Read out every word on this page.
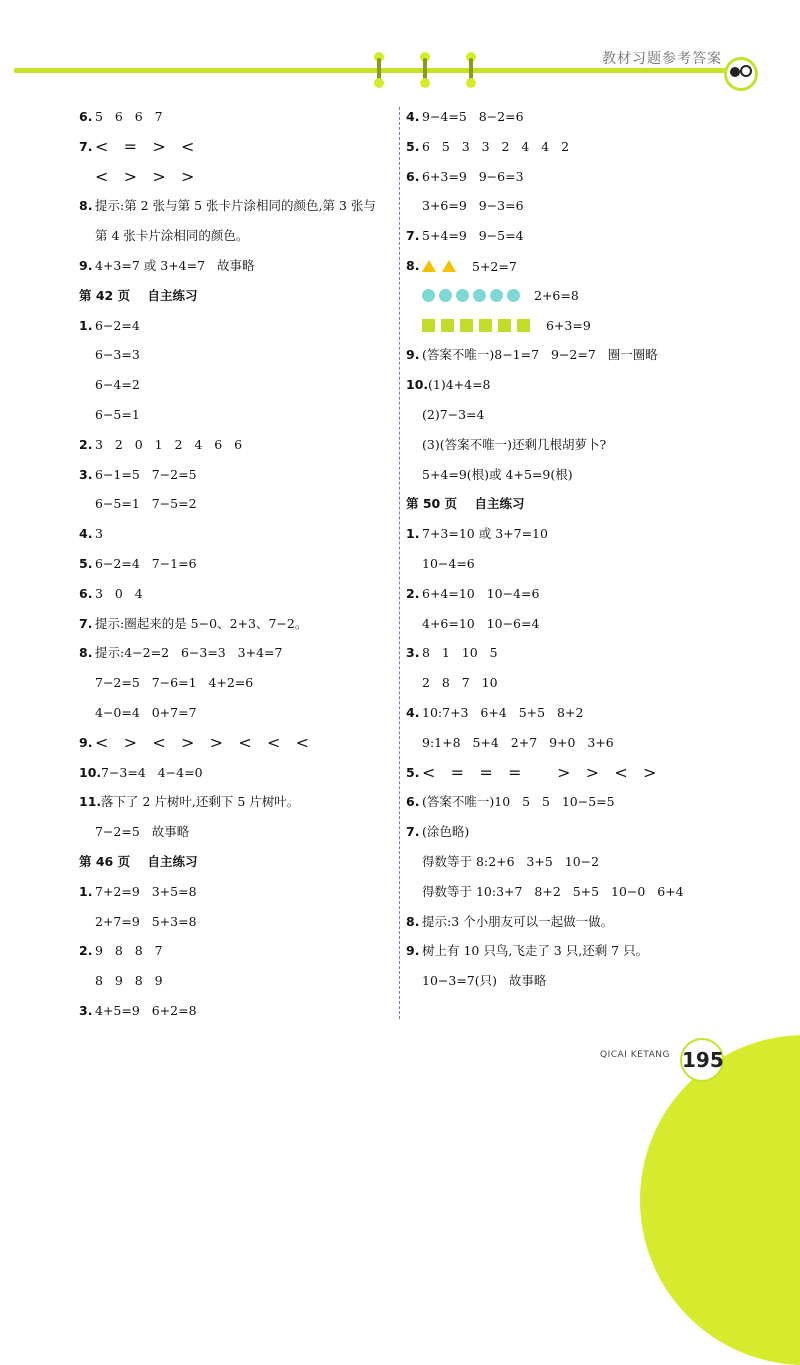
教材习题参考答案
6. 5   6   6   7
7. <   =   >   <
<   >   >   >
8. 提示:第 2 张与第 5 张卡片涂相同的颜色,第 3 张与
第 4 张卡片涂相同的颜色。
9. 4+3=7 或 3+4=7   故事略
第 42 页    自主练习
1. 6−2=4
6−3=3
6−4=2
6−5=1
2. 3   2   0   1   2   4   6   6
3. 6−1=5   7−2=5
6−5=1   7−5=2
4. 3
5. 6−2=4   7−1=6
6. 3   0   4
7. 提示:圈起来的是 5−0、2+3、7−2。
8. 提示:4−2=2   6−3=3   3+4=7
7−2=5   7−6=1   4+2=6
4−0=4   0+7=7
9. <   >   <   >   >   <   <   <
10. 7−3=4   4−4=0
11. 落下了 2 片树叶,还剩下 5 片树叶。
7−2=5   故事略
第 46 页    自主练习
1. 7+2=9   3+5=8
2+7=9   5+3=8
2. 9   8   8   7
8   9   8   9
3. 4+5=9   6+2=8
4. 9−4=5   8−2=6
5. 6   5   3   3   2   4   4   2
6. 6+3=9   9−6=3
3+6=9   9−3=6
7. 5+4=9   9−5=4
8.	5+2=7
2+6=8
6+3=9
9. (答案不唯一)8−1=7   9−2=7   圈一圈略
10. (1)4+4=8
(2)7−3=4
(3)(答案不唯一)还剩几根胡萝卜?
5+4=9(根)或 4+5=9(根)
第 50 页    自主练习
1. 7+3=10 或 3+7=10
10−4=6
2. 6+4=10   10−4=6
4+6=10   10−6=4
3. 8   1   10   5
2   8   7   10
4. 10:7+3   6+4   5+5   8+2
9:1+8   5+4   2+7   9+0   3+6
5. <   =   =   =       >   >   <   >
6. (答案不唯一)10   5   5   10−5=5
7. (涂色略)
得数等于 8:2+6   3+5   10−2
得数等于 10:3+7   8+2   5+5   10−0   6+4
8. 提示:3 个小朋友可以一起做一做。
9. 树上有 10 只鸟,飞走了 3 只,还剩 7 只。
10−3=7(只)   故事略
QICAI KETANG 195
